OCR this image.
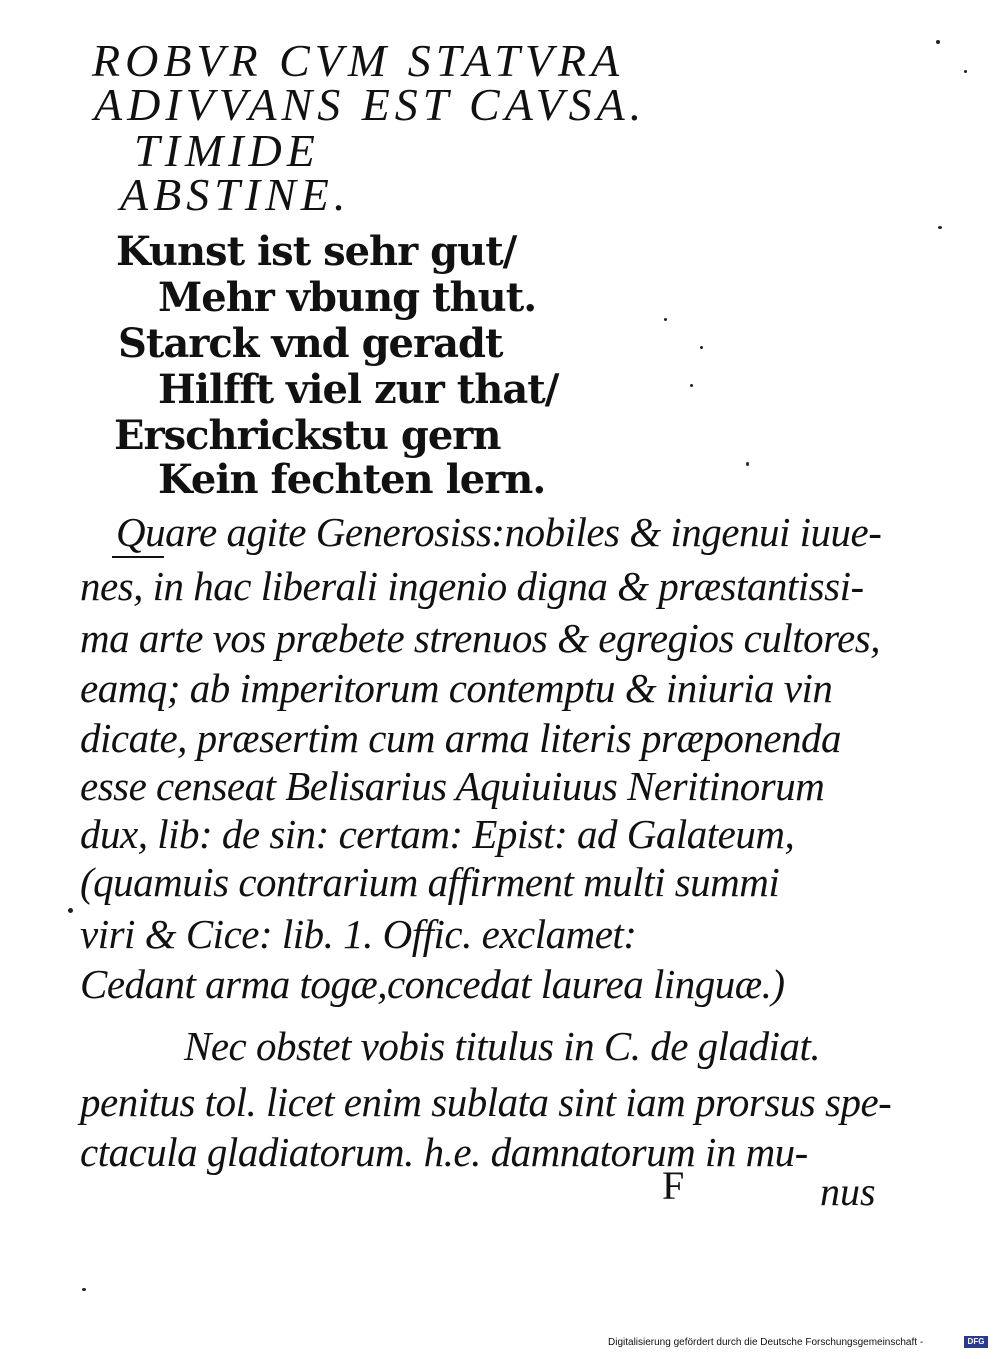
ROBVR CVM STATVRA
ADIVVANS EST CAVSA.
TIMIDE
ABSTINE.
Kunst ist sehr gut/
Mehr vbung thut.
Starck vnd geradt
Hilfft viel zur that/
Erschrickstu gern
Kein fechten lern.
Quare agite Generosiss:nobiles & ingenui iuue-
nes, in hac liberali ingenio digna & præstantissi-
ma arte vos præbete strenuos & egregios cultores,
eamq; ab imperitorum contemptu & iniuria vin
dicate, præsertim cum arma literis præponenda
esse censeat Belisarius Aquiuiuus Neritinorum
dux, lib: de sin: certam: Epist: ad Galateum,
(quamuis contrarium affirment multi summi
viri & Cice: lib. 1. Offic. exclamet:
Cedant arma togæ,concedat laurea linguæ.)
Nec obstet vobis titulus in C. de gladiat.
penitus tol. licet enim sublata sint iam prorsus spe-
ctacula gladiatorum. h.e. damnatorum in mu-
F	nus
Digitalisierung gefördert durch die Deutsche Forschungsgemeinschaft -	DFG
